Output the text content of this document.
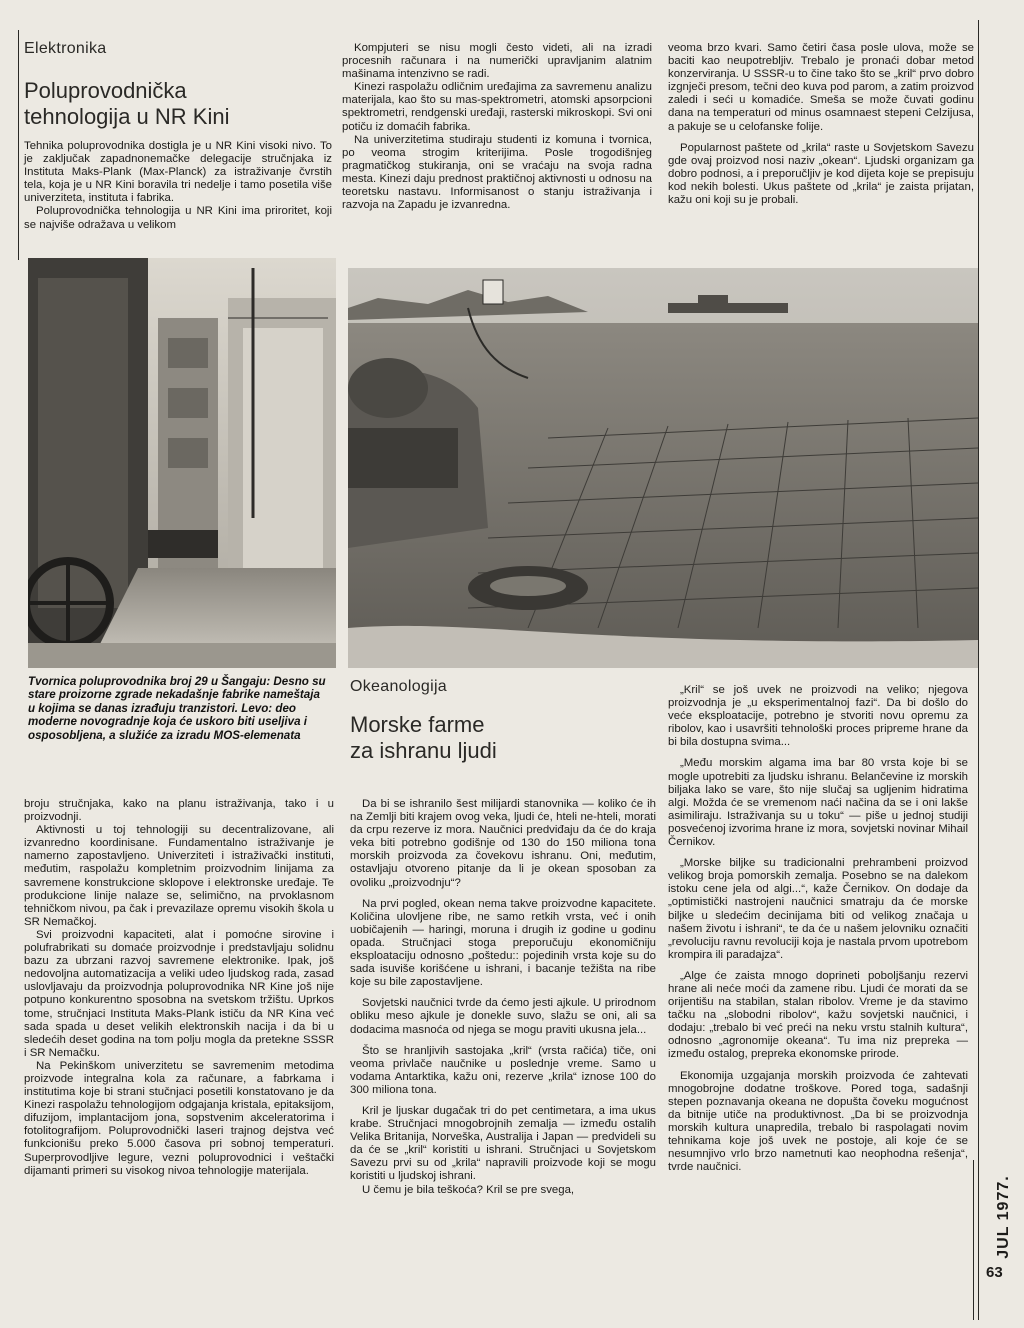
Elektronika
Poluprovodnička
tehnologija u NR Kini

Tehnika poluprovodnika dostigla je u NR Kini visoki nivo. To je zaključak zapadnonemačke delegacije stručnjaka iz Instituta Maks-Plank (Max-Planck) za istraživanje čvrstih tela, koja je u NR Kini boravila tri nedelje i tamo posetila više univerziteta, instituta i fabrika.

Poluprovodnička tehnologija u NR Kini ima priroritet, koji se najviše odražava u velikom

Kompjuteri se nisu mogli često videti, ali na izradi procesnih računara i na numerički upravljanim alatnim mašinama intenzivno se radi.

Kinezi raspolažu odličnim uređajima za savremenu analizu materijala, kao što su mas-spektrometri, atomski apsorpcioni spektrometri, rendgenski uređaji, rasterski mikroskopi. Svi oni potiču iz domaćih fabrika.

Na univerzitetima studiraju studenti iz komuna i tvornica, po veoma strogim kriterijima. Posle trogodišnjeg pragmatičkog stukiranja, oni se vraćaju na svoja radna mesta. Kinezi daju prednost praktičnoj aktivnosti u odnosu na teoretsku nastavu. Informisanost o stanju istraživanja i razvoja na Zapadu je izvanredna.

veoma brzo kvari. Samo četiri časa posle ulova, može se baciti kao neupotrebljiv. Trebalo je pronaći dobar metod konzerviranja. U SSSR-u to čine tako što se „kril“ prvo dobro izgnječi presom, tečni deo kuva pod parom, a zatim proizvod zaledi i seći u komadiće. Smeša se može čuvati godinu dana na temperaturi od minus osamnaest stepeni Celzijusa, a pakuje se u celofanske folije.

Popularnost paštete od „krila“ raste u Sovjetskom Savezu gde ovaj proizvod nosi naziv „okean“. Ljudski organizam ga dobro podnosi, a i preporučljiv je kod dijeta koje se prepisuju kod nekih bolesti. Ukus paštete od „krila“ je zaista prijatan, kažu oni koji su je probali.

Tvornica poluprovodnika broj 29 u Šangaju: Desno su stare proizorne zgrade nekadašnje fabrike nameštaja u kojima se danas izrađuju tranzistori. Levo: deo moderne novogradnje koja će uskoro biti useljiva i osposobljena, a služiće za izradu MOS-elemenata

broju stručnjaka, kako na planu istraživanja, tako i u proizvodnji.

Aktivnosti u toj tehnologiji su decentralizovane, ali izvanredno koordinisane. Fundamentalno istraživanje je namerno zapostavljeno. Univerziteti i istraživački instituti, međutim, raspolažu kompletnim proizvodnim linijama za savremene konstrukcione sklopove i elektronske uređaje. Te produkcione linije nalaze se, selimično, na prvoklasnom tehničkom nivou, pa čak i prevazilaze opremu visokih škola u SR Nemačkoj.

Svi proizvodni kapaciteti, alat i pomoćne sirovine i polufrabrikati su domaće proizvodnje i predstavljaju solidnu bazu za ubrzani razvoj savremene elektronike. Ipak, još nedovoljna automatizacija a veliki udeo ljudskog rada, zasad uslovljavaju da proizvodnja poluprovodnika NR Kine još nije potpuno konkurentno sposobna na svetskom tržištu. Uprkos tome, stručnjaci Instituta Maks-Plank ističu da NR Kina već sada spada u deset velikih elektronskih nacija i da bi u sledećih deset godina na tom polju mogla da pretekne SSSR i SR Nemačku.

Na Pekinškom univerzitetu se savremenim metodima proizvode integralna kola za računare, a fabrkama i institutima koje bi strani stučnjaci posetili konstatovano je da Kinezi raspolažu tehnologijom odgajanja kristala, epitaksijom, difuzijom, implantacijom jona, sopstvenim akceleratorima i fotolitografijom. Poluprovodnički laseri trajnog dejstva već funkcionišu preko 5.000 časova pri sobnoj temperaturi. Superprovodljive legure, vezni poluprovodnici i veštački dijamanti primeri su visokog nivoa tehnologije materijala.

Okeanologija
Morske farme
za ishranu ljudi

Da bi se ishranilo šest milijardi stanovnika — koliko će ih na Zemlji biti krajem ovog veka, ljudi će, hteli ne-hteli, morati da crpu rezerve iz mora. Naučnici predviđaju da će do kraja veka biti potrebno godišnje od 130 do 150 miliona tona morskih proizvoda za čovekovu ishranu. Oni, međutim, ostavljaju otvoreno pitanje da li je okean sposoban za ovoliku „proizvodnju“?

Na prvi pogled, okean nema takve proizvodne kapacitete. Količina ulovljene ribe, ne samo retkih vrsta, već i onih uobičajenih — haringi, moruna i drugih iz godine u godinu opada. Stručnjaci stoga preporučuju ekonomičniju eksploataciju odnosno „poštedu:: pojedinih vrsta koje su do sada isuviše korišćene u ishrani, i bacanje težišta na ribe koje su bile zapostavljene.

Sovjetski naučnici tvrde da ćemo jesti ajkule. U prirodnom obliku meso ajkule je donekle suvo, slažu se oni, ali sa dodacima masnoća od njega se mogu praviti ukusna jela...

Što se hranljivih sastojaka „kril“ (vrsta račića) tiče, oni veoma privlače naučnike u poslednje vreme. Samo u vodama Antarktika, kažu oni, rezerve „krila“ iznose 100 do 300 miliona tona.

Kril je ljuskar dugačak tri do pet centimetara, a ima ukus krabe. Stručnjaci mnogobrojnih zemalja — između ostalih Velika Britanija, Norveška, Australija i Japan — predvideli su da će se „kril“ koristiti u ishrani. Stručnjaci u Sovjetskom Savezu prvi su od „krila“ napravili proizvode koji se mogu koristiti u ljudskoj ishrani.

U čemu je bila teškoća? Kril se pre svega,

„Kril“ se još uvek ne proizvodi na veliko; njegova proizvodnja je „u eksperimentalnoj fazi“. Da bi došlo do veće eksploatacije, potrebno je stvoriti novu opremu za ribolov, kao i usavršiti tehnološki proces pripreme hrane da bi bila dostupna svima...

„Među morskim algama ima bar 80 vrsta koje bi se mogle upotrebiti za ljudsku ishranu. Belančevine iz morskih biljaka lako se vare, što nije slučaj sa ugljenim hidratima algi. Možda će se vremenom naći načina da se i oni lakše asimiliraju. Istraživanja su u toku“ — piše u jednoj studiji posvećenoj izvorima hrane iz mora, sovjetski novinar Mihail Černikov.

„Morske biljke su tradicionalni prehrambeni proizvod velikog broja pomorskih zemalja. Posebno se na dalekom istoku cene jela od algi...“, kaže Černikov. On dodaje da „optimistički nastrojeni naučnici smatraju da će morske biljke u sledećim decinijama biti od velikog značaja u našem životu i ishrani“, te da će u našem jelovniku označiti „revoluciju ravnu revoluciji koja je nastala prvom upotrebom krompira ili paradajza“.

„Alge će zaista mnogo doprineti poboljšanju rezervi hrane ali neće moći da zamene ribu. Ljudi će morati da se orijentišu na stabilan, stalan ribolov. Vreme je da stavimo tačku na „slobodni ribolov“, kažu sovjetski naučnici, i dodaju: „trebalo bi već preći na neku vrstu stalnih kultura“, odnosno „agronomije okeana“. Tu ima niz prepreka — između ostalog, prepreka ekonomske prirode.

Ekonomija uzgajanja morskih proizvoda će zahtevati mnogobrojne dodatne troškove. Pored toga, sadašnji stepen poznavanja okeana ne dopušta čoveku mogućnost da bitnije utiče na produktivnost. „Da bi se proizvodnja morskih kultura unapredila, trebalo bi raspolagati novim tehnikama koje još uvek ne postoje, ali koje će se nesumnjivo vrlo brzo nametnuti kao neophodna rešenja“, tvrde naučnici.

JUL 1977.
63
